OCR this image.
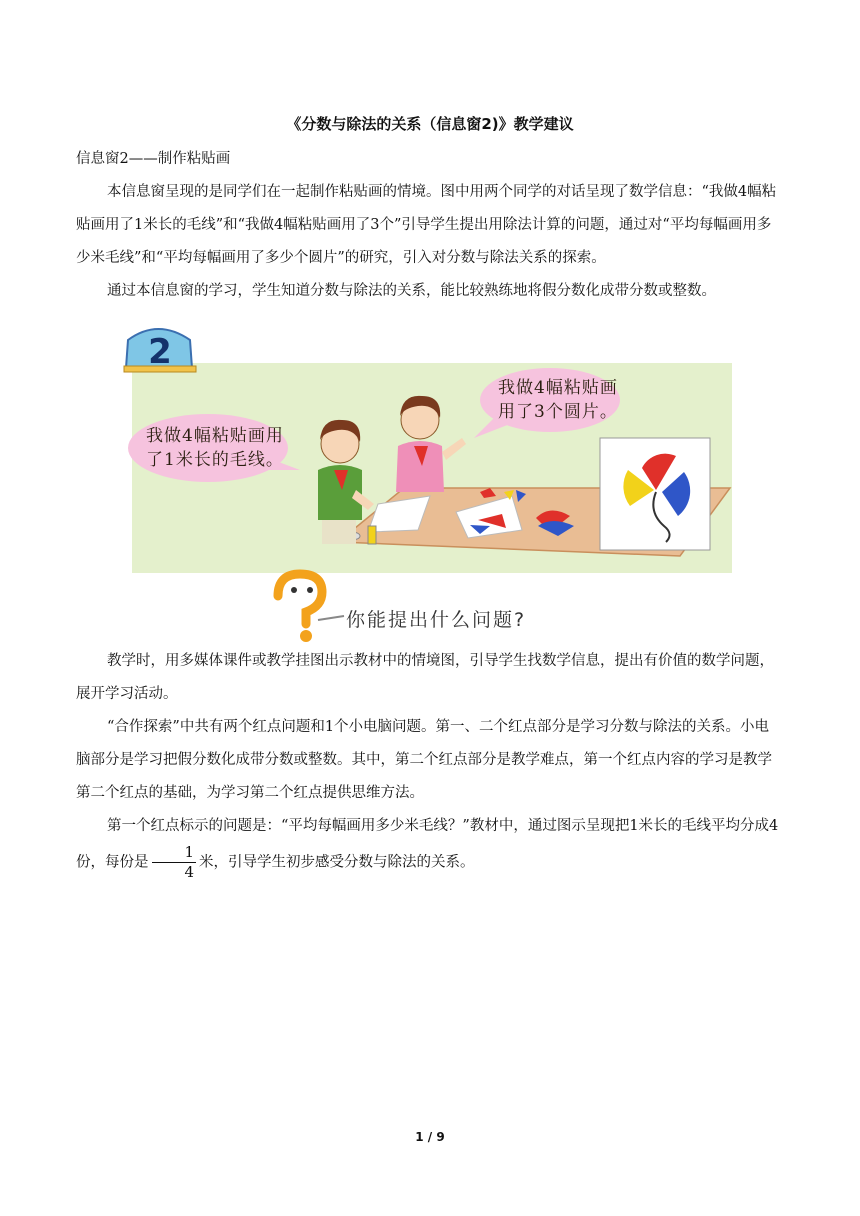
《分数与除法的关系（信息窗2)》教学建议

信息窗2——制作粘贴画

本信息窗呈现的是同学们在一起制作粘贴画的情境。图中用两个同学的对话呈现了数学信息：“我做4幅粘贴画用了1米长的毛线”和“我做4幅粘贴画用了3个”引导学生提出用除法计算的问题，通过对“平均每幅画用多少米毛线”和“平均每幅画用了多少个圆片”的研究，引入对分数与除法关系的探索。

通过本信息窗的学习，学生知道分数与除法的关系，能比较熟练地将假分数化成带分数或整数。

2
我做4幅粘贴画用
了1米长的毛线。
我做4幅粘贴画
用了3个圆片。
你能提出什么问题?

教学时，用多媒体课件或教学挂图出示教材中的情境图，引导学生找数学信息，提出有价值的数学问题，展开学习活动。

“合作探索”中共有两个红点问题和1个小电脑问题。第一、二个红点部分是学习分数与除法的关系。小电脑部分是学习把假分数化成带分数或整数。其中，第二个红点部分是教学难点，第一个红点内容的学习是教学第二个红点的基础，为学习第二个红点提供思维方法。

第一个红点标示的问题是：“平均每幅画用多少米毛线？”教材中，通过图示呈现把1米长的毛线平均分成4份，每份是 $\frac{1}{4}$ 米，引导学生初步感受分数与除法的关系。

1 / 9
